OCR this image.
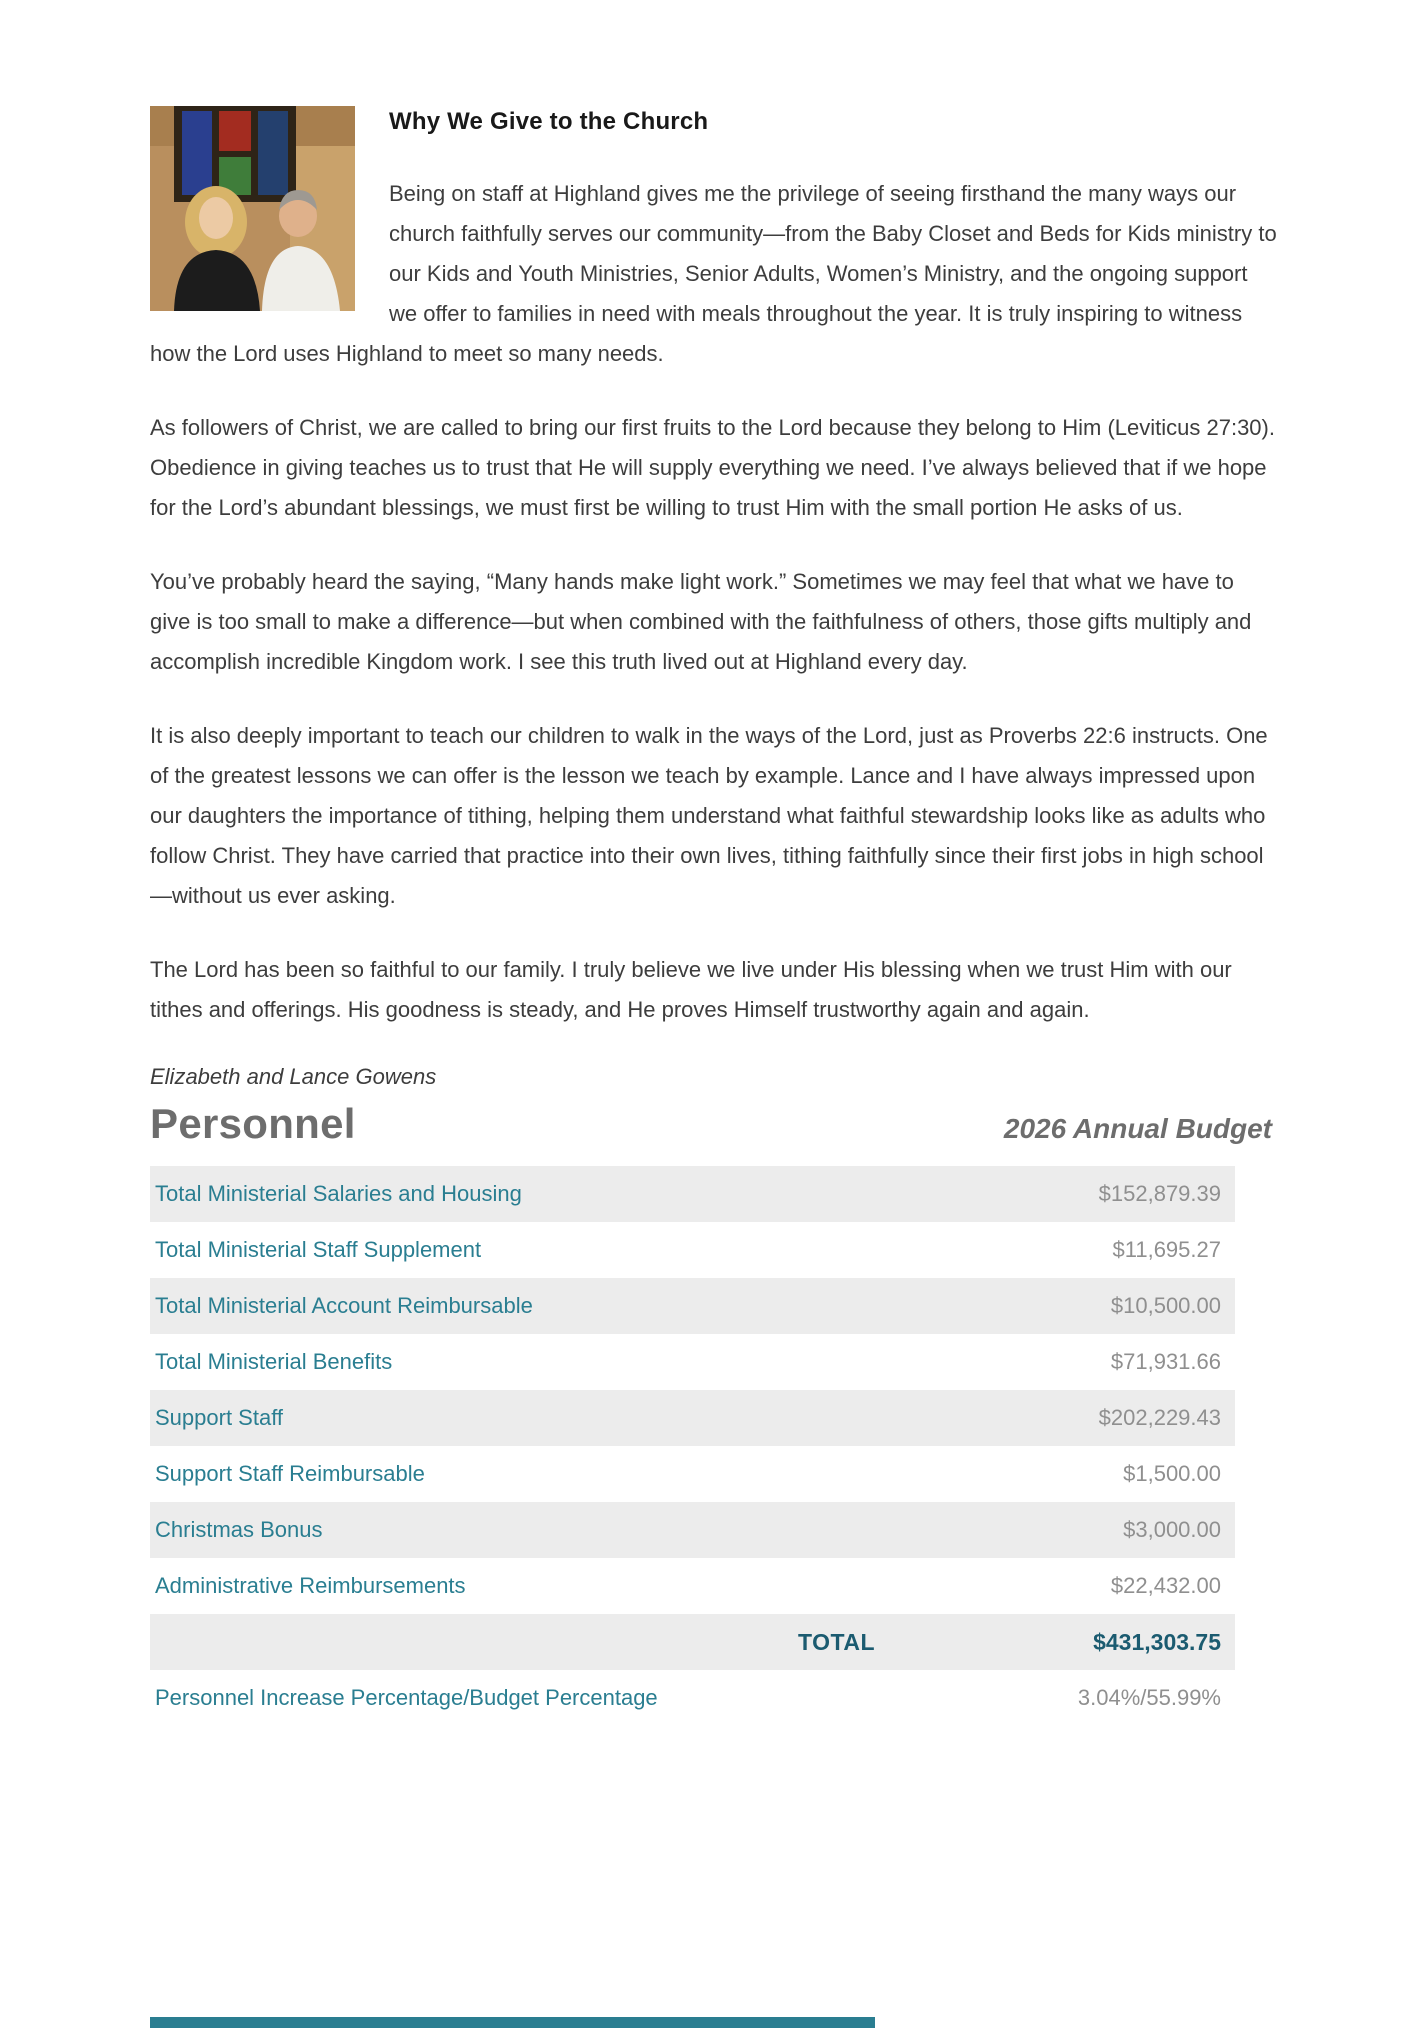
Why We Give to the Church

Being on staff at Highland gives me the privilege of seeing firsthand the many ways our church faithfully serves our community—from the Baby Closet and Beds for Kids ministry to our Kids and Youth Ministries, Senior Adults, Women’s Ministry, and the ongoing support we offer to families in need with meals throughout the year. It is truly inspiring to witness how the Lord uses Highland to meet so many needs.

As followers of Christ, we are called to bring our first fruits to the Lord because they belong to Him (Leviticus 27:30). Obedience in giving teaches us to trust that He will supply everything we need. I’ve always believed that if we hope for the Lord’s abundant blessings, we must first be willing to trust Him with the small portion He asks of us.

You’ve probably heard the saying, “Many hands make light work.” Sometimes we may feel that what we have to give is too small to make a difference—but when combined with the faithfulness of others, those gifts multiply and accomplish incredible Kingdom work. I see this truth lived out at Highland every day.

It is also deeply important to teach our children to walk in the ways of the Lord, just as Proverbs 22:6 instructs. One of the greatest lessons we can offer is the lesson we teach by example. Lance and I have always impressed upon our daughters the importance of tithing, helping them understand what faithful stewardship looks like as adults who follow Christ. They have carried that practice into their own lives, tithing faithfully since their first jobs in high school—without us ever asking.

The Lord has been so faithful to our family. I truly believe we live under His blessing when we trust Him with our tithes and offerings. His goodness is steady, and He proves Himself trustworthy again and again.

Elizabeth and Lance Gowens

Personnel	2026 Annual Budget
Total Ministerial Salaries and Housing	$152,879.39
Total Ministerial Staff Supplement	$11,695.27
Total Ministerial Account Reimbursable	$10,500.00
Total Ministerial Benefits	$71,931.66
Support Staff	$202,229.43
Support Staff Reimbursable	$1,500.00
Christmas Bonus	$3,000.00
Administrative Reimbursements	$22,432.00
TOTAL	$431,303.75
Personnel Increase Percentage/Budget Percentage	3.04%/55.99%
